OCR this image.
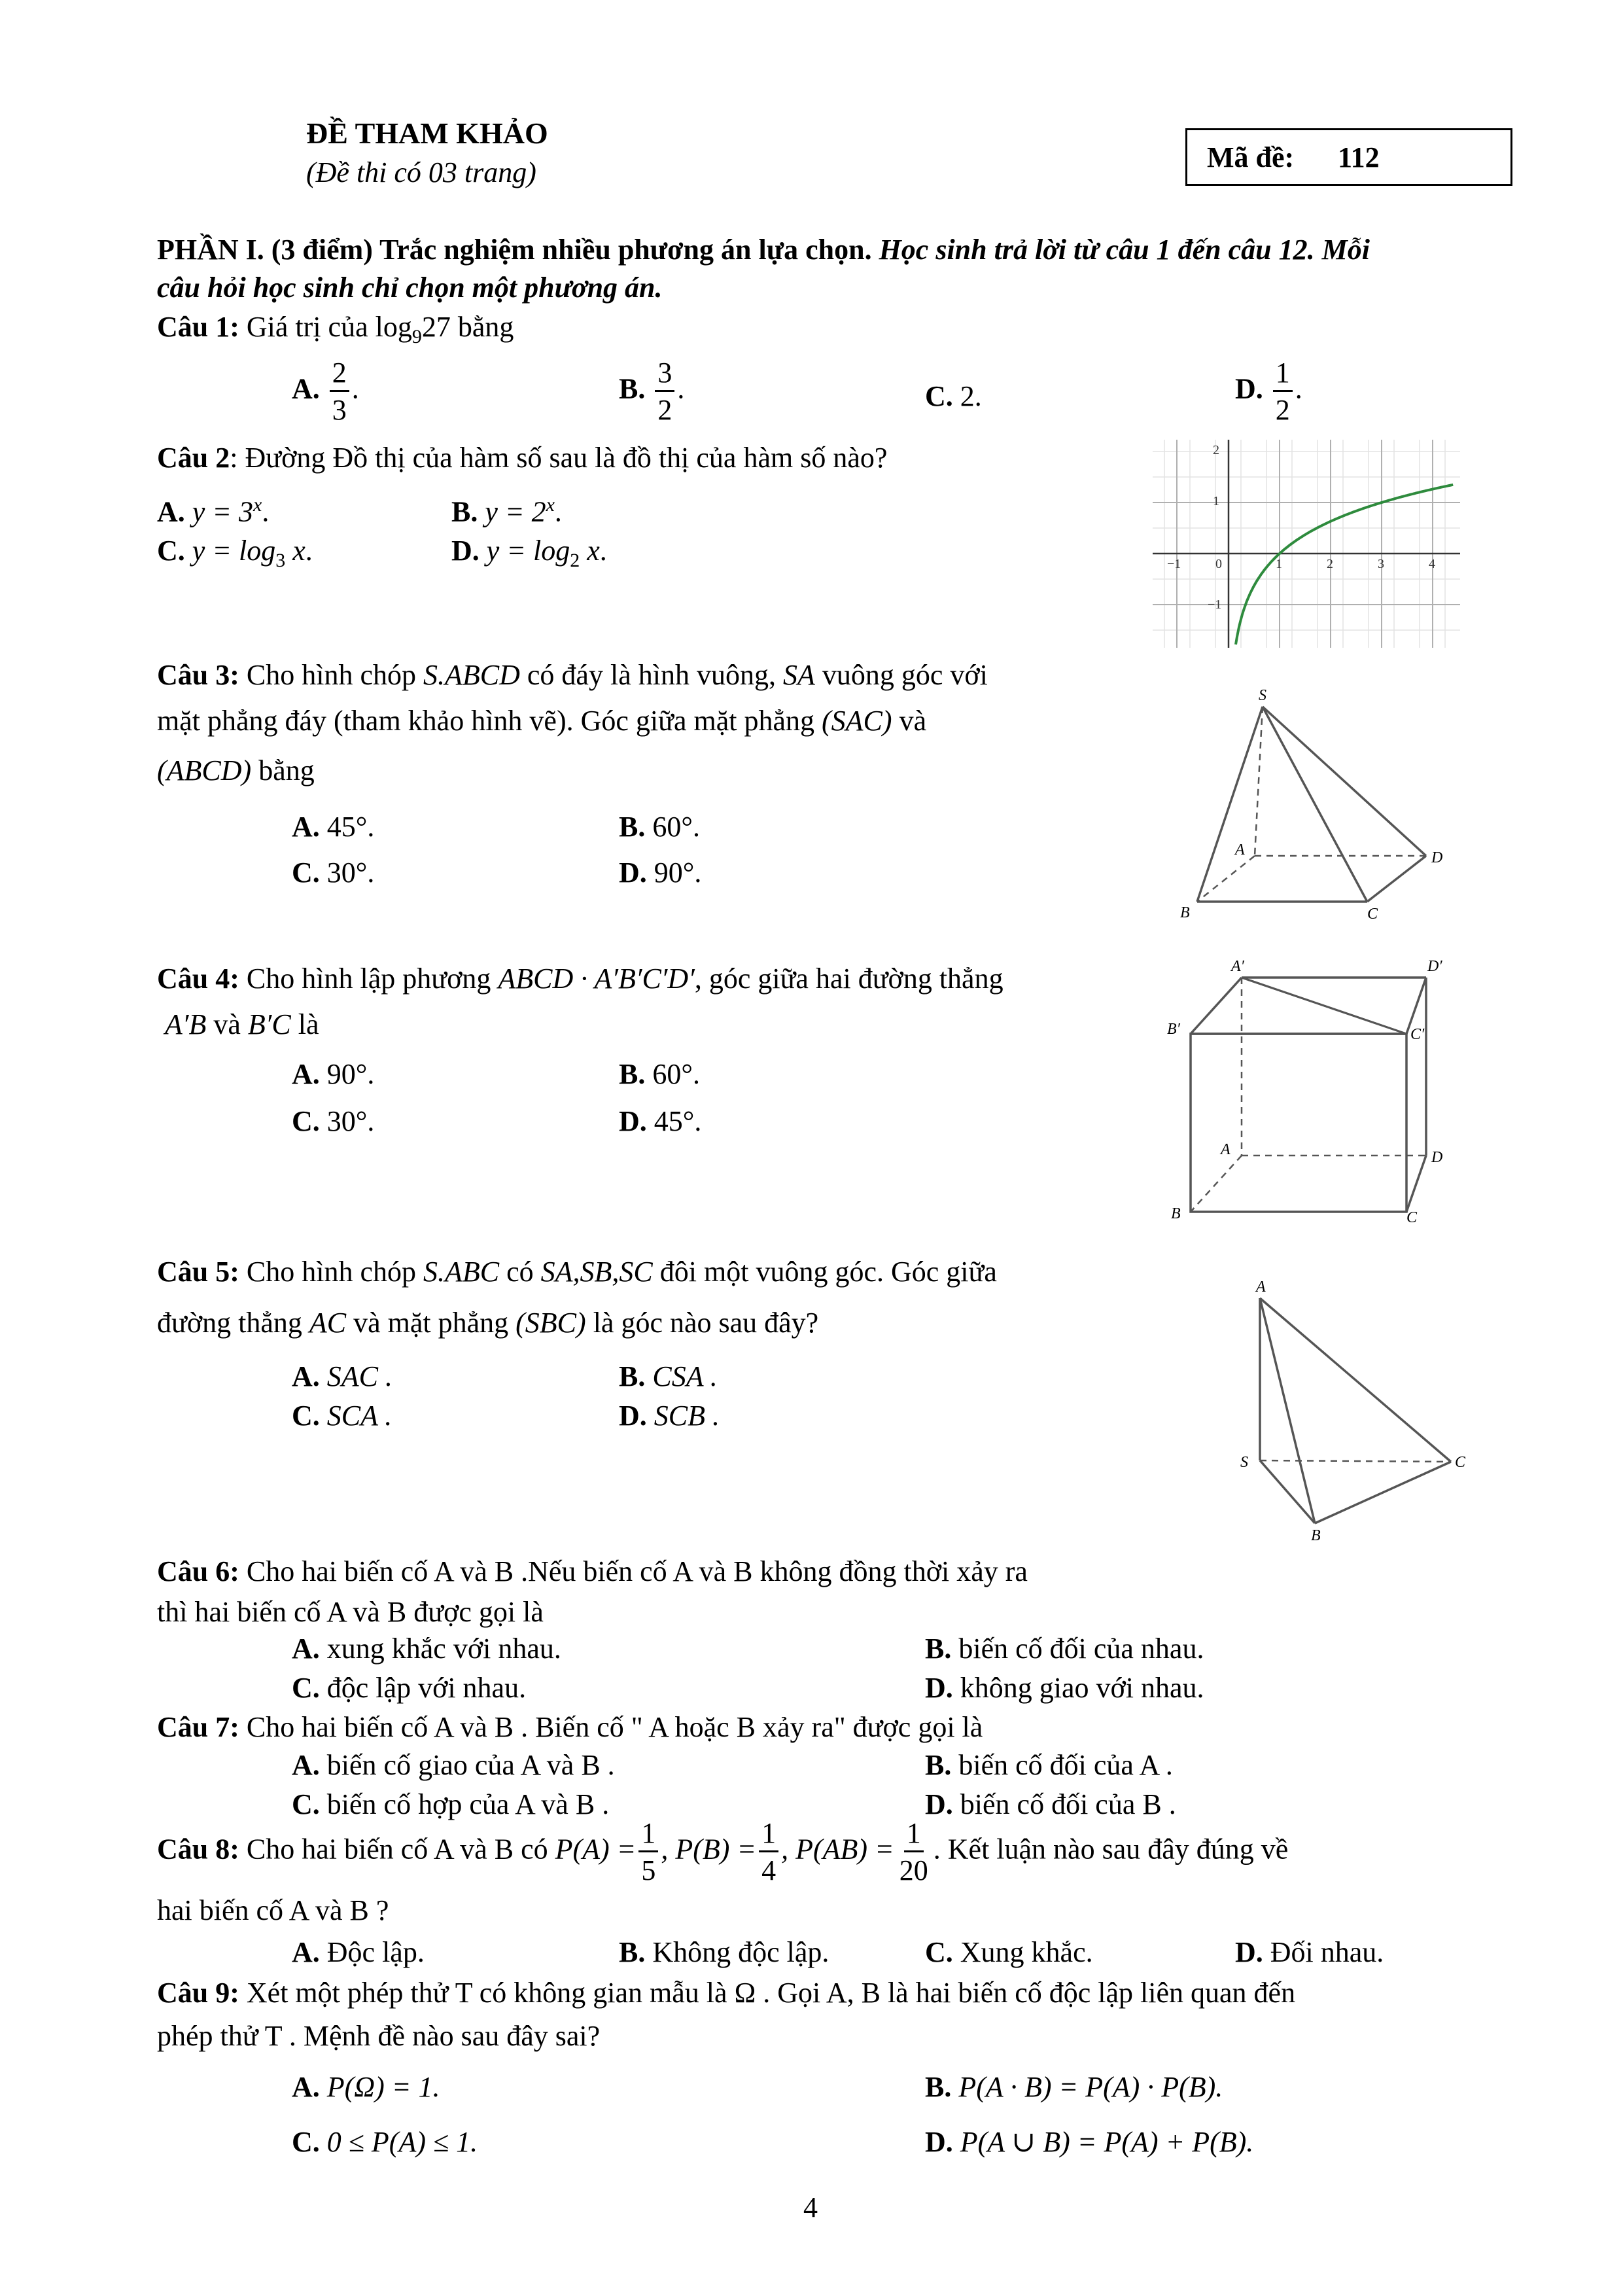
ĐỀ THAM KHẢO
(Đề thi có 03 trang)	Mã đề: 112
PHẦN I. (3 điểm) Trắc nghiệm nhiều phương án lựa chọn. Học sinh trả lời từ câu 1 đến câu 12. Mỗi
câu hỏi học sinh chỉ chọn một phương án.
Câu 1: Giá trị của $\log_927$ bằng
A. $\frac{2}{3}$ .	B. $\frac{3}{2}$ .	C. 2.	D. $\frac{1}{2}$ .
Câu 2: Đường Đồ thị của hàm số sau là đồ thị của hàm số nào?
A. $y = 3^x$.	B. $y = 2^x$.
C. $y = \log_3 x$.	D. $y = \log_2 x$.
2
1
−1
−1	0	1	2	3	4
Câu 3: Cho hình chóp S.ABCD có đáy là hình vuông, SA vuông góc với
mặt phẳng đáy (tham khảo hình vẽ). Góc giữa mặt phẳng (SAC) và
(ABCD) bằng
A. 45°.	B. 60°.
C. 30°.	D. 90°.
S
A
B	C
D
Câu 4: Cho hình lập phương ABCD · A′B′C′D′, góc giữa hai đường thẳng
A′B và B′C là
A. 90°.	B. 60°.
C. 30°.	D. 45°.
A′	D′
B′	C′
A	D
B	C
Câu 5: Cho hình chóp S.ABC có SA,SB,SC đôi một vuông góc. Góc giữa
đường thẳng AC và mặt phẳng (SBC) là góc nào sau đây?
A. SAC .	B. CSA .
C. SCA .	D. SCB .
A
S
B
C
Câu 6: Cho hai biến cố A và B .Nếu biến cố A và B không đồng thời xảy ra
thì hai biến cố A và B được gọi là
A. xung khắc với nhau.	B. biến cố đối của nhau.
C. độc lập với nhau.	D. không giao với nhau.
Câu 7: Cho hai biến cố A và B . Biến cố " A hoặc B xảy ra" được gọi là
A. biến cố giao của A và B .	B. biến cố đối của A .
C. biến cố hợp của A và B .	D. biến cố đối của B .
Câu 8: Cho hai biến cố A và B có $P(A) = \frac{1}{5}$ , $P(B) = \frac{1}{4}$ , $P(AB) = \frac{1}{20}$ . Kết luận nào sau đây đúng về
hai biến cố A và B ?
A. Độc lập.	B. Không độc lập.	C. Xung khắc.	D. Đối nhau.
Câu 9: Xét một phép thử T có không gian mẫu là Ω . Gọi A, B là hai biến cố độc lập liên quan đến
phép thử T . Mệnh đề nào sau đây sai?
A. P(Ω) = 1.	B. P(A · B) = P(A) · P(B).
C. 0 ≤ P(A) ≤ 1.	D. P(A ∪ B) = P(A) + P(B).
4
